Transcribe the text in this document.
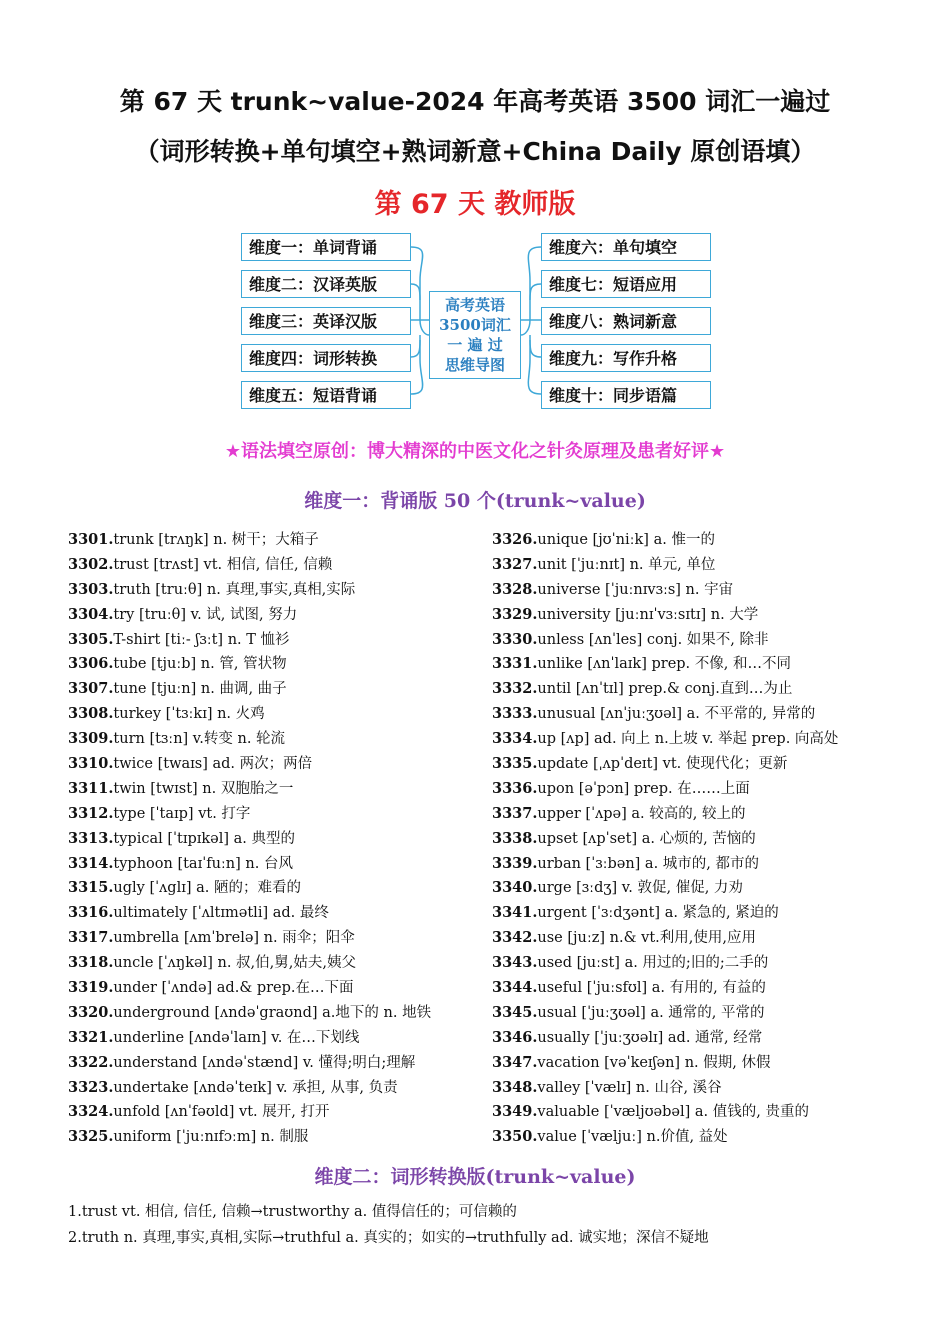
第 67 天 trunk~value-2024 年高考英语 3500 词汇一遍过
（词形转换+单句填空+熟词新意+China Daily 原创语填）
第 67 天 教师版
维度一：单词背诵
维度二：汉译英版
维度三：英译汉版
维度四：词形转换
维度五：短语背诵
维度六：单句填空
维度七：短语应用
维度八：熟词新意
维度九：写作升格
维度十：同步语篇
高考英语
3500词汇
一 遍 过
思维导图
★语法填空原创：博大精深的中医文化之针灸原理及患者好评★
维度一：背诵版 50 个(trunk~value)
3301.trunk [trʌŋk] n. 树干；大箱子
3302.trust [trʌst] vt. 相信, 信任, 信赖
3303.truth [truːθ] n. 真理,事实,真相,实际
3304.try [truːθ] v. 试, 试图, 努力
3305.T-shirt [tiː- ʃɜːt] n. T 恤衫
3306.tube [tjuːb] n. 管, 管状物
3307.tune [tjuːn] n. 曲调, 曲子
3308.turkey [ˈtɜːkɪ] n. 火鸡
3309.turn [tɜːn] v.转变 n. 轮流
3310.twice [twaɪs] ad. 两次；两倍
3311.twin [twɪst] n. 双胞胎之一
3312.type [ˈtaɪp] vt. 打字
3313.typical [ˈtɪpɪkəl] a. 典型的
3314.typhoon [taɪˈfuːn] n. 台风
3315.ugly [ˈʌglɪ] a. 陋的；难看的
3316.ultimately [ˈʌltɪmətli] ad. 最终
3317.umbrella [ʌmˈbrelə] n. 雨伞；阳伞
3318.uncle [ˈʌŋkəl] n. 叔,伯,舅,姑夫,姨父
3319.under [ˈʌndə] ad.& prep.在…下面
3320.underground [ʌndəˈgraʊnd] a.地下的 n. 地铁
3321.underline [ʌndəˈlaɪn] v. 在…下划线
3322.understand [ʌndəˈstænd] v. 懂得;明白;理解
3323.undertake [ʌndəˈteɪk] v. 承担, 从事, 负责
3324.unfold [ʌnˈfəʊld] vt. 展开, 打开
3325.uniform [ˈjuːnɪfɔːm] n. 制服
3326.unique [jʊˈniːk] a. 惟一的
3327.unit [ˈjuːnɪt] n. 单元, 单位
3328.universe [ˈjuːnɪvɜːs] n. 宇宙
3329.university [juːnɪˈvɜːsɪtɪ] n. 大学
3330.unless [ʌnˈles] conj. 如果不, 除非
3331.unlike [ʌnˈlaɪk] prep. 不像, 和…不同
3332.until [ʌnˈtɪl] prep.& conj.直到…为止
3333.unusual [ʌnˈjuːʒʊəl] a. 不平常的, 异常的
3334.up [ʌp] ad. 向上 n.上坡 v. 举起 prep. 向高处
3335.update [ˌʌpˈdeɪt] vt. 使现代化；更新
3336.upon [əˈpɔn] prep. 在……上面
3337.upper [ˈʌpə] a. 较高的, 较上的
3338.upset [ʌpˈset] a. 心烦的, 苦恼的
3339.urban [ˈɜːbən] a. 城市的, 都市的
3340.urge [ɜːdʒ] v. 敦促, 催促, 力劝
3341.urgent [ˈɜːdʒənt] a. 紧急的, 紧迫的
3342.use [juːz] n.& vt.利用,使用,应用
3343.used [juːst] a. 用过的;旧的;二手的
3344.useful [ˈjuːsfʊl] a. 有用的, 有益的
3345.usual [ˈjuːʒʊəl] a. 通常的, 平常的
3346.usually [ˈjuːʒʊəlɪ] ad. 通常, 经常
3347.vacation [vəˈkeɪʃən] n. 假期, 休假
3348.valley [ˈvælɪ] n. 山谷, 溪谷
3349.valuable [ˈvæljʊəbəl] a. 值钱的, 贵重的
3350.value [ˈvæljuː] n.价值, 益处
维度二：词形转换版(trunk~value)
1.trust vt. 相信, 信任, 信赖→trustworthy a. 值得信任的；可信赖的
2.truth n. 真理,事实,真相,实际→truthful a. 真实的；如实的→truthfully ad. 诚实地；深信不疑地
